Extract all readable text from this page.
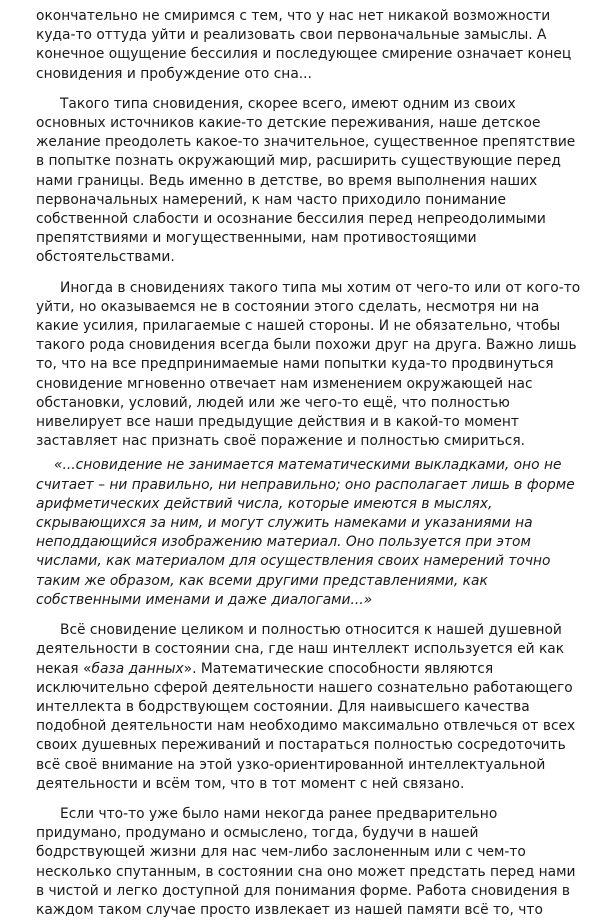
окончательно не смиримся с тем, что у нас нет никакой возможности
куда-то оттуда уйти и реализовать свои первоначальные замыслы. А
конечное ощущение бессилия и последующее смирение означает конец
сновидения и пробуждение ото сна...
Такого типа сновидения, скорее всего, имеют одним из своих
основных источников какие-то детские переживания, наше детское
желание преодолеть какое-то значительное, существенное препятствие
в попытке познать окружающий мир, расширить существующие перед
нами границы. Ведь именно в детстве, во время выполнения наших
первоначальных намерений, к нам часто приходило понимание
собственной слабости и осознание бессилия перед непреодолимыми
препятствиями и могущественными, нам противостоящими
обстоятельствами.
Иногда в сновидениях такого типа мы хотим от чего-то или от кого-то
уйти, но оказываемся не в состоянии этого сделать, несмотря ни на
какие усилия, прилагаемые с нашей стороны. И не обязательно, чтобы
такого рода сновидения всегда были похожи друг на друга. Важно лишь
то, что на все предпринимаемые нами попытки куда-то продвинуться
сновидение мгновенно отвечает нам изменением окружающей нас
обстановки, условий, людей или же чего-то ещё, что полностью
нивелирует все наши предыдущие действия и в какой-то момент
заставляет нас признать своё поражение и полностью смириться.
«...сновидение не занимается математическими выкладками, оно не
считает – ни правильно, ни неправильно; оно располагает лишь в форме
арифметических действий числа, которые имеются в мыслях,
скрывающихся за ним, и могут служить намеками и указаниями на
неподдающийся изображению материал. Оно пользуется при этом
числами, как материалом для осуществления своих намерений точно
таким же образом, как всеми другими представлениями, как
собственными именами и даже диалогами...»
Всё сновидение целиком и полностью относится к нашей душевной
деятельности в состоянии сна, где наш интеллект используется ей как
некая «база данных». Математические способности являются
исключительно сферой деятельности нашего сознательно работающего
интеллекта в бодрствующем состоянии. Для наивысшего качества
подобной деятельности нам необходимо максимально отвлечься от всех
своих душевных переживаний и постараться полностью сосредоточить
всё своё внимание на этой узко-ориентированной интеллектуальной
деятельности и всём том, что в тот момент с ней связано.
Если что-то уже было нами некогда ранее предварительно
придумано, продумано и осмыслено, тогда, будучи в нашей
бодрствующей жизни для нас чем-либо заслоненным или с чем-то
несколько спутанным, в состоянии сна оно может предстать перед нами
в чистой и легко доступной для понимания форме. Работа сновидения в
каждом таком случае просто извлекает из нашей памяти всё то, что
